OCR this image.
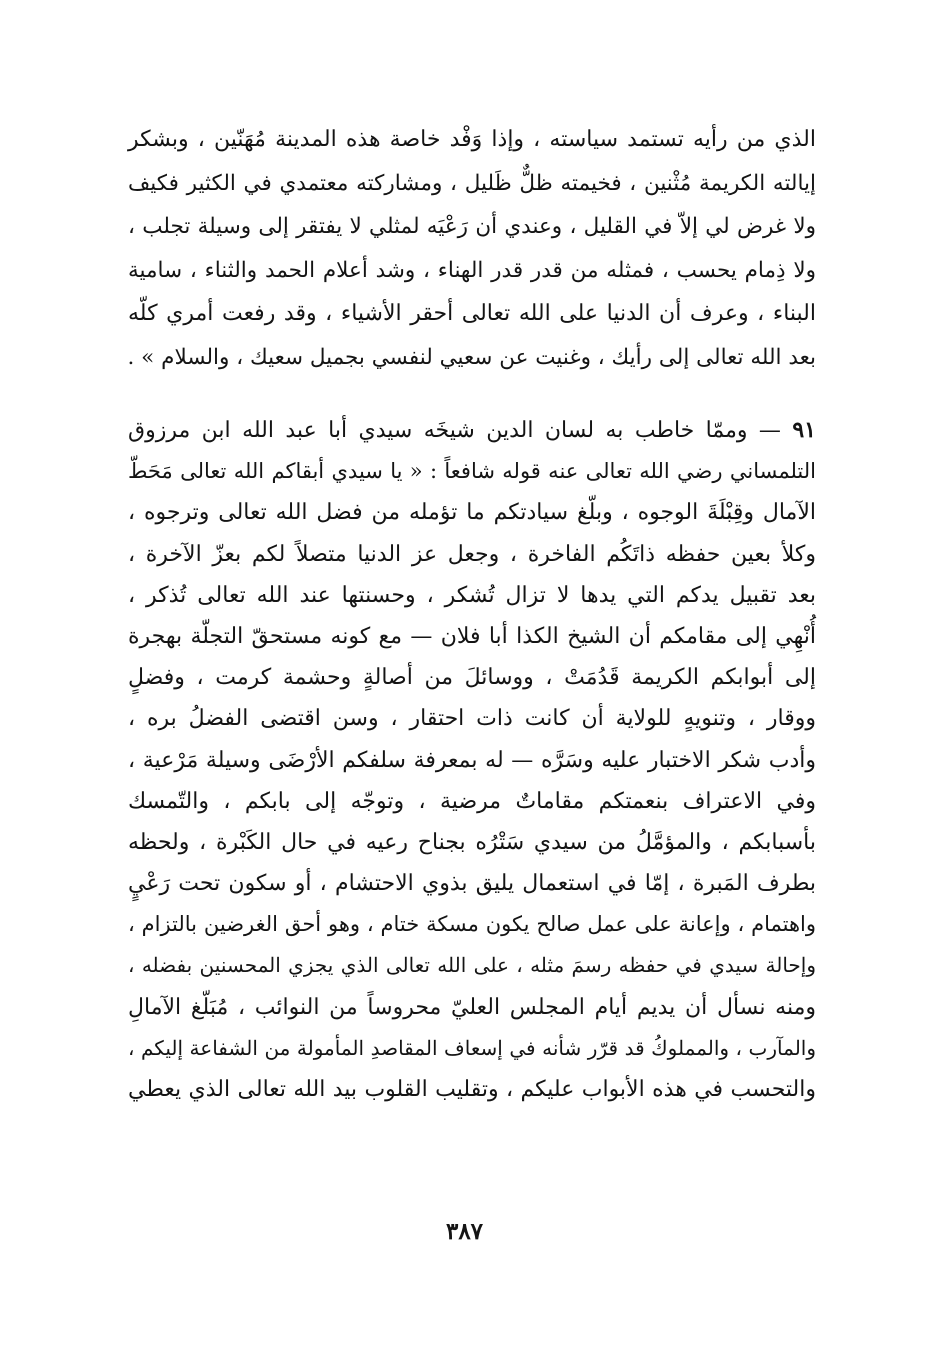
الذي من رأيه تستمد سياسته ، وإذا وَفْد خاصة هذه المدينة مُهَنّين ، وبشكر
إيالته الكريمة مُثْنين ، فخيمته ظلٌّ ظَليل ، ومشاركته معتمدي في الكثير فكيف
ولا غرض لي إلاّ في القليل ، وعندي أن رَعْيَه لمثلي لا يفتقر إلى وسيلة تجلب ،
ولا ذِمام يحسب ، فمثله من قدر قدر الهناء ، وشد أعلام الحمد والثناء ، سامية
البناء ، وعرف أن الدنيا على الله تعالى أحقر الأشياء ، وقد رفعت أمري كلّه
بعد الله تعالى إلى رأيك ، وغنيت عن سعيي لنفسي بجميل سعيك ، والسلام » .
٩١ — وممّا خاطب به لسان الدين شيخَه سيدي أبا عبد الله ابن مرزوق
التلمساني رضي الله تعالى عنه قوله شافعاً : « يا سيدي أبقاكم الله تعالى مَحَطّ
الآمال وقِبْلَةَ الوجوه ، وبلّغ سيادتكم ما تؤمله من فضل الله تعالى وترجوه ،
وكلأ بعين حفظه ذاتَكُم الفاخرة ، وجعل عز الدنيا متصلاً لكم بعزّ الآخرة ،
بعد تقبيل يدكم التي يدها لا تزال تُشكر ، وحسنتها عند الله تعالى تُذكر ،
أُنْهِي إلى مقامكم أن الشيخ الكذا أبا فلان — مع كونه مستحقّ التجلّة بهجرة
إلى أبوابكم الكريمة قَدُمَتْ ، ووسائلَ من أصالةٍ وحشمة كرمت ، وفضلٍ
ووقار ، وتنويهٍ للولاية أن كانت ذات احتقار ، وسن اقتضى الفضلُ بره ،
وأدب شكر الاختبار عليه وسَرَّه — له بمعرفة سلفكم الأرْضَى وسيلة مَرْعية ،
وفي الاعتراف بنعمتكم مقاماتٌ مرضية ، وتوجّه إلى بابكم ، والتّمسك
بأسبابكم ، والمؤمَّلُ من سيدي سَتْرُه بجناح رعيه في حال الكَبْرة ، ولحظه
بطرف المَبرة ، إمّا في استعمال يليق بذوي الاحتشام ، أو سكون تحت رَعْيٍ
واهتمام ، وإعانة على عمل صالح يكون مسكة ختام ، وهو أحق الغرضين بالتزام ،
وإحالة سيدي في حفظه رسمَ مثله ، على الله تعالى الذي يجزي المحسنين بفضله ،
ومنه نسأل أن يديم أيام المجلس العليّ محروساً من النوائب ، مُبَلّغ الآمالِ
والمآرب ، والمملوكُ قد قرّر شأنه في إسعاف المقاصدِ المأمولة من الشفاعة إليكم ،
والتحسب في هذه الأبواب عليكم ، وتقليب القلوب بيد الله تعالى الذي يعطي
٣٨٧
